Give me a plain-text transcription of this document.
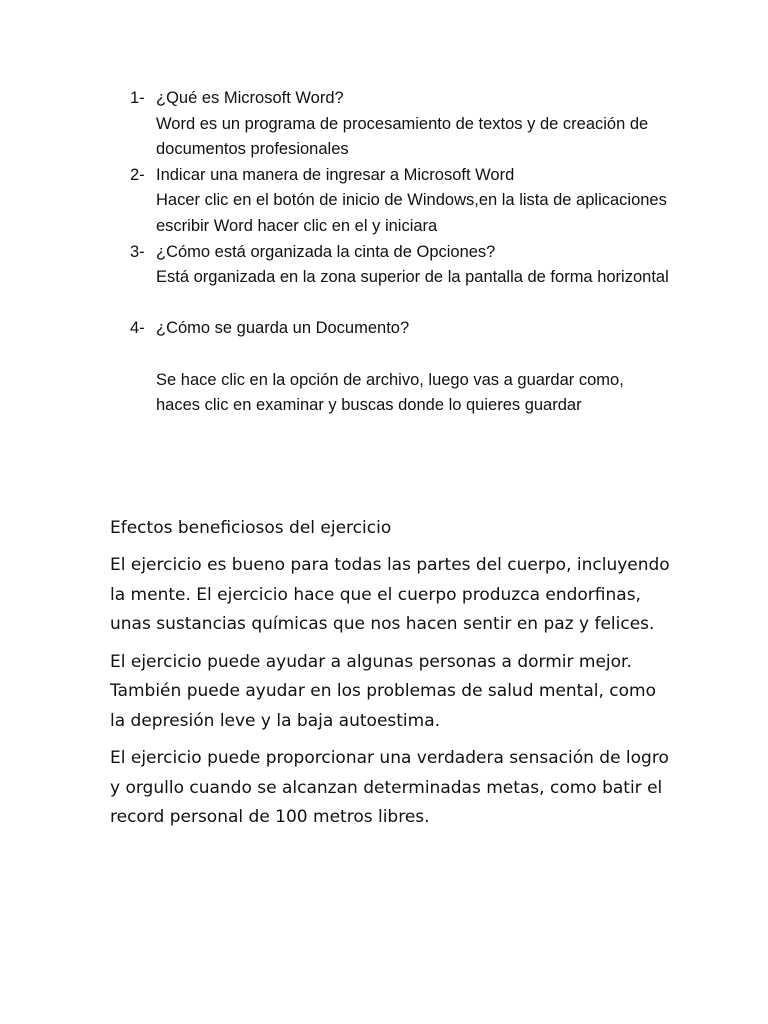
1- ¿Qué es Microsoft Word?
Word es un programa de procesamiento de textos y de creación de documentos profesionales
2- Indicar una manera de ingresar a Microsoft Word
Hacer clic en el botón de inicio de Windows,en la lista de aplicaciones escribir Word hacer clic en el y iniciara
3- ¿Cómo está organizada la cinta de Opciones?
Está organizada en la zona superior de la pantalla de forma horizontal
4- ¿Cómo se guarda un Documento?
Se hace clic en la opción de archivo, luego vas a guardar como, haces clic en examinar y buscas donde lo quieres guardar

Efectos beneficiosos del ejercicio

El ejercicio es bueno para todas las partes del cuerpo, incluyendo la mente. El ejercicio hace que el cuerpo produzca endorfinas, unas sustancias químicas que nos hacen sentir en paz y felices.

El ejercicio puede ayudar a algunas personas a dormir mejor. También puede ayudar en los problemas de salud mental, como la depresión leve y la baja autoestima.

El ejercicio puede proporcionar una verdadera sensación de logro y orgullo cuando se alcanzan determinadas metas, como batir el record personal de 100 metros libres.
